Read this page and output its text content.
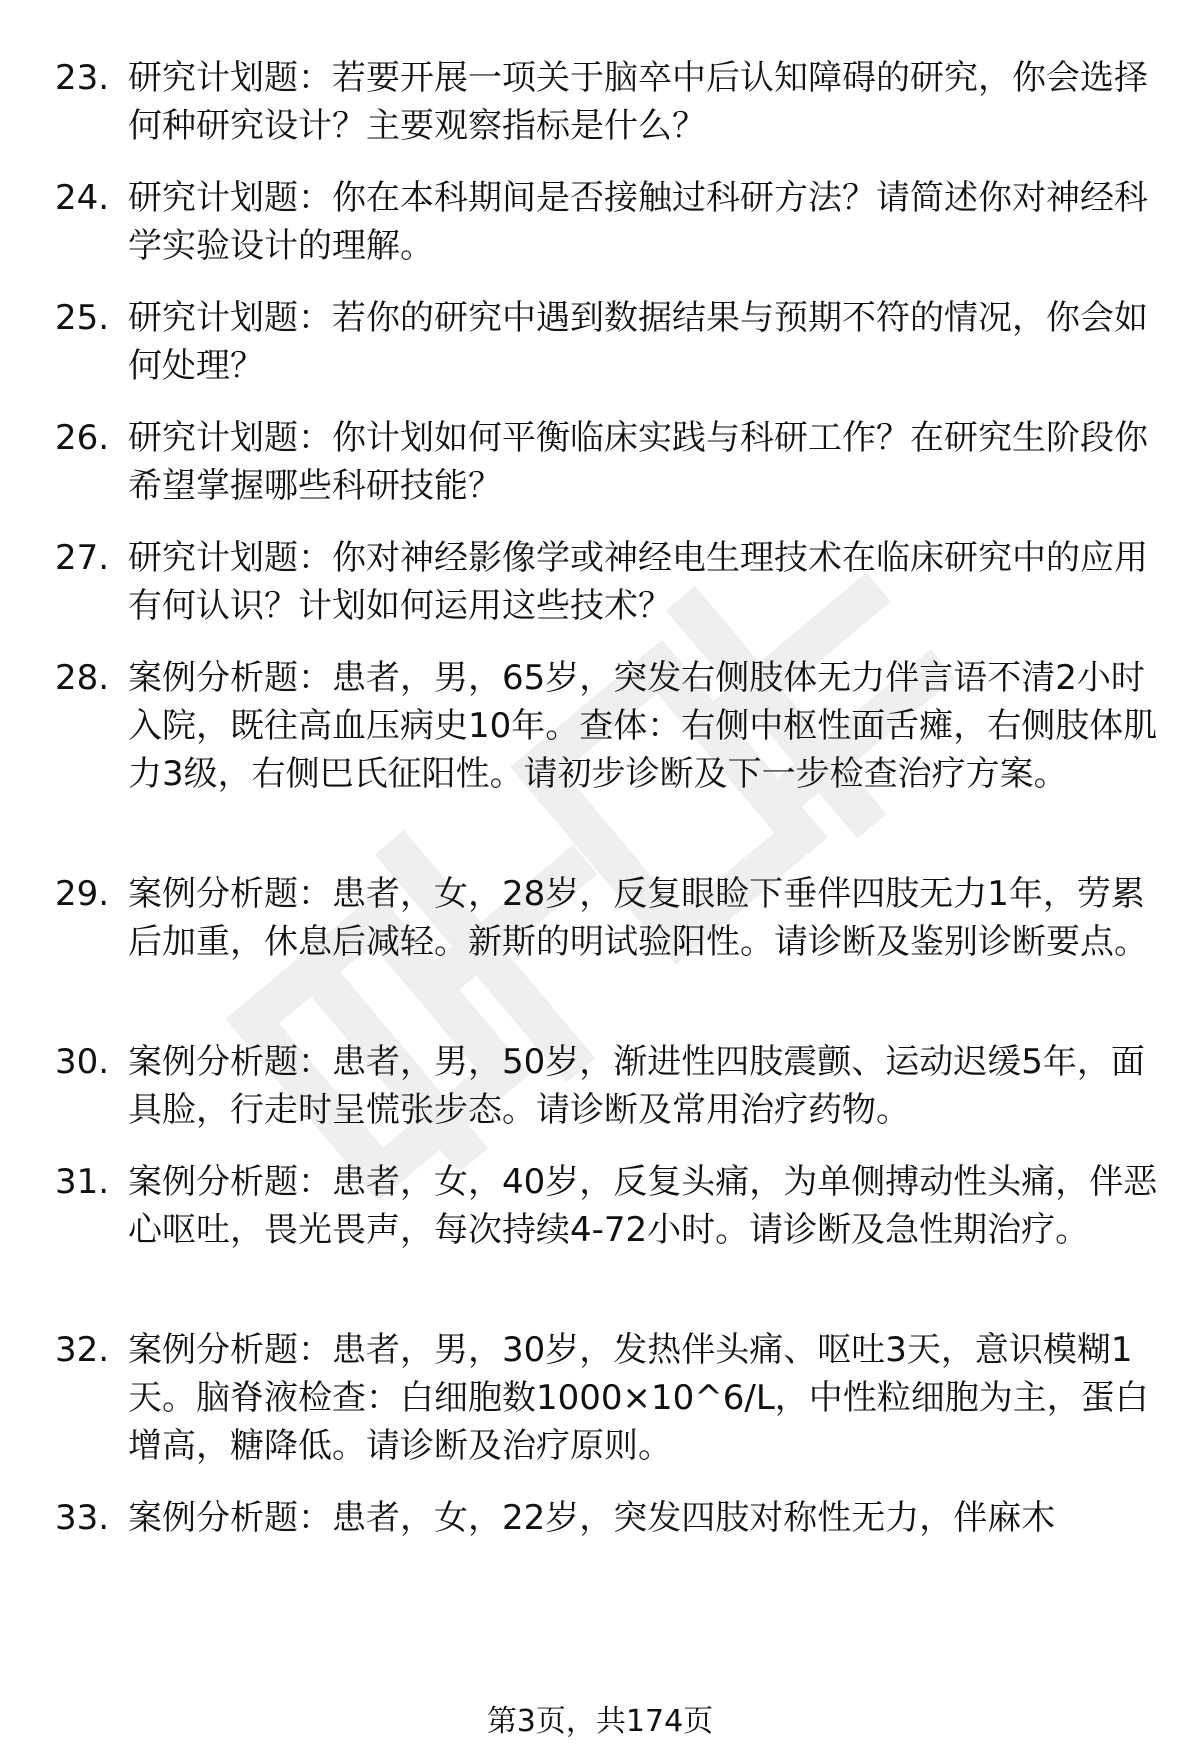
23. 研究计划题：若要开展一项关于脑卒中后认知障碍的研究，你会选择何种研究设计？主要观察指标是什么？
24. 研究计划题：你在本科期间是否接触过科研方法？请简述你对神经科学实验设计的理解。
25. 研究计划题：若你的研究中遇到数据结果与预期不符的情况，你会如何处理？
26. 研究计划题：你计划如何平衡临床实践与科研工作？在研究生阶段你希望掌握哪些科研技能？
27. 研究计划题：你对神经影像学或神经电生理技术在临床研究中的应用有何认识？计划如何运用这些技术？
28. 案例分析题：患者，男，65岁，突发右侧肢体无力伴言语不清2小时入院，既往高血压病史10年。查体：右侧中枢性面舌瘫，右侧肢体肌力3级，右侧巴氏征阳性。请初步诊断及下一步检查治疗方案。
29. 案例分析题：患者，女，28岁，反复眼睑下垂伴四肢无力1年，劳累后加重，休息后减轻。新斯的明试验阳性。请诊断及鉴别诊断要点。
30. 案例分析题：患者，男，50岁，渐进性四肢震颤、运动迟缓5年，面具脸，行走时呈慌张步态。请诊断及常用治疗药物。
31. 案例分析题：患者，女，40岁，反复头痛，为单侧搏动性头痛，伴恶心呕吐，畏光畏声，每次持续4-72小时。请诊断及急性期治疗。
32. 案例分析题：患者，男，30岁，发热伴头痛、呕吐3天，意识模糊1天。脑脊液检查：白细胞数1000×10^6/L，中性粒细胞为主，蛋白增高，糖降低。请诊断及治疗原则。
33. 案例分析题：患者，女，22岁，突发四肢对称性无力，伴麻木
第3页，共174页
